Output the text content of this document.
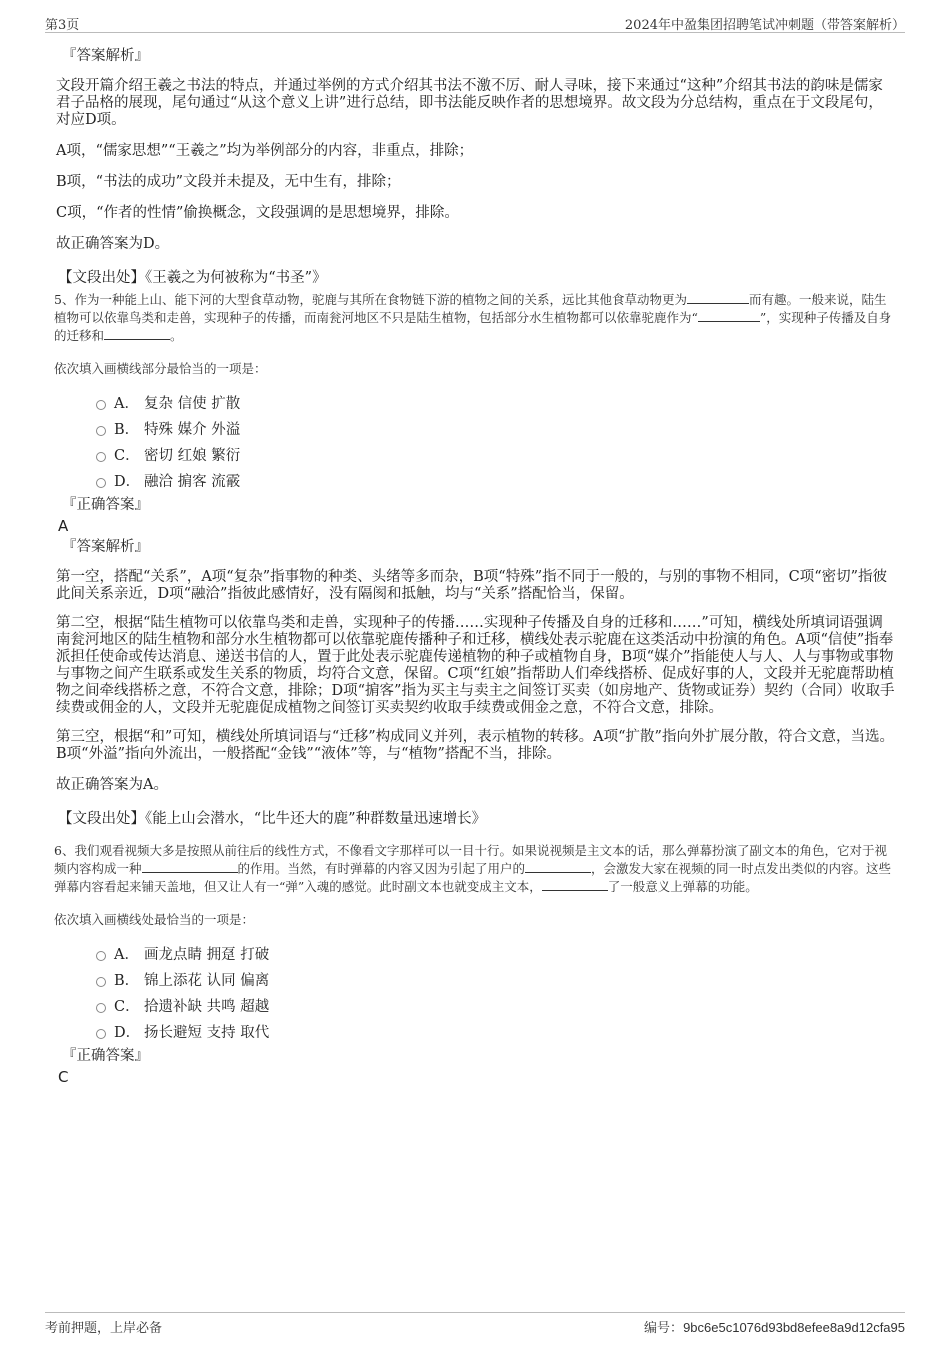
第3页	2024年中盈集团招聘笔试冲刺题（带答案解析）
『答案解析』

文段开篇介绍王羲之书法的特点，并通过举例的方式介绍其书法不激不厉、耐人寻味，接下来通过“这种”介绍其书法的韵味是儒家君子品格的展现，尾句通过“从这个意义上讲”进行总结，即书法能反映作者的思想境界。故文段为分总结构，重点在于文段尾句，对应D项。

A项，“儒家思想”“王羲之”均为举例部分的内容，非重点，排除；

B项，“书法的成功”文段并未提及，无中生有，排除；

C项，“作者的性情”偷换概念，文段强调的是思想境界，排除。

故正确答案为D。

【文段出处】《王羲之为何被称为“书圣”》
5、作为一种能上山、能下河的大型食草动物，驼鹿与其所在食物链下游的植物之间的关系，远比其他食草动物更为	而有趣。一般来说，陆生植物可以依靠鸟类和走兽，实现种子的传播，而南瓮河地区不只是陆生植物，包括部分水生植物都可以依靠驼鹿作为“	”，实现种子传播及自身的迁移和	。
依次填入画横线部分最恰当的一项是：
A． 复杂 信使 扩散
B． 特殊 媒介 外溢
C． 密切 红娘 繁衍
D． 融洽 掮客 流霰
『正确答案』
A
『答案解析』

第一空，搭配“关系”，A项“复杂”指事物的种类、头绪等多而杂，B项“特殊”指不同于一般的，与别的事物不相同，C项“密切”指彼此间关系亲近，D项“融洽”指彼此感情好，没有隔阂和抵触，均与“关系”搭配恰当，保留。

第二空，根据“陆生植物可以依靠鸟类和走兽，实现种子的传播……实现种子传播及自身的迁移和……”可知，横线处所填词语强调南瓮河地区的陆生植物和部分水生植物都可以依靠驼鹿传播种子和迁移，横线处表示驼鹿在这类活动中扮演的角色。A项“信使”指奉派担任使命或传达消息、递送书信的人，置于此处表示驼鹿传递植物的种子或植物自身，B项“媒介”指能使人与人、人与事物或事物与事物之间产生联系或发生关系的物质，均符合文意，保留。C项“红娘”指帮助人们牵线搭桥、促成好事的人，文段并无驼鹿帮助植物之间牵线搭桥之意，不符合文意，排除；D项“掮客”指为买主与卖主之间签订买卖（如房地产、货物或证券）契约（合同）收取手续费或佣金的人，文段并无驼鹿促成植物之间签订买卖契约收取手续费或佣金之意，不符合文意，排除。

第三空，根据“和”可知，横线处所填词语与“迁移”构成同义并列，表示植物的转移。A项“扩散”指向外扩展分散，符合文意，当选。B项“外溢”指向外流出，一般搭配“金钱”“液体”等，与“植物”搭配不当，排除。

故正确答案为A。

【文段出处】《能上山会潜水，“比牛还大的鹿”种群数量迅速增长》
6、我们观看视频大多是按照从前往后的线性方式，不像看文字那样可以一目十行。如果说视频是主文本的话，那么弹幕扮演了副文本的角色，它对于视频内容构成一种	的作用。当然，有时弹幕的内容又因为引起了用户的	，会激发大家在视频的同一时点发出类似的内容。这些弹幕内容看起来铺天盖地，但又让人有一“弹”入魂的感觉。此时副文本也就变成主文本，	了一般意义上弹幕的功能。
依次填入画横线处最恰当的一项是：
A． 画龙点睛 拥趸 打破
B． 锦上添花 认同 偏离
C． 拾遗补缺 共鸣 超越
D． 扬长避短 支持 取代
『正确答案』
C
考前押题，上岸必备	编号：9bc6e5c1076d93bd8efee8a9d12cfa95
